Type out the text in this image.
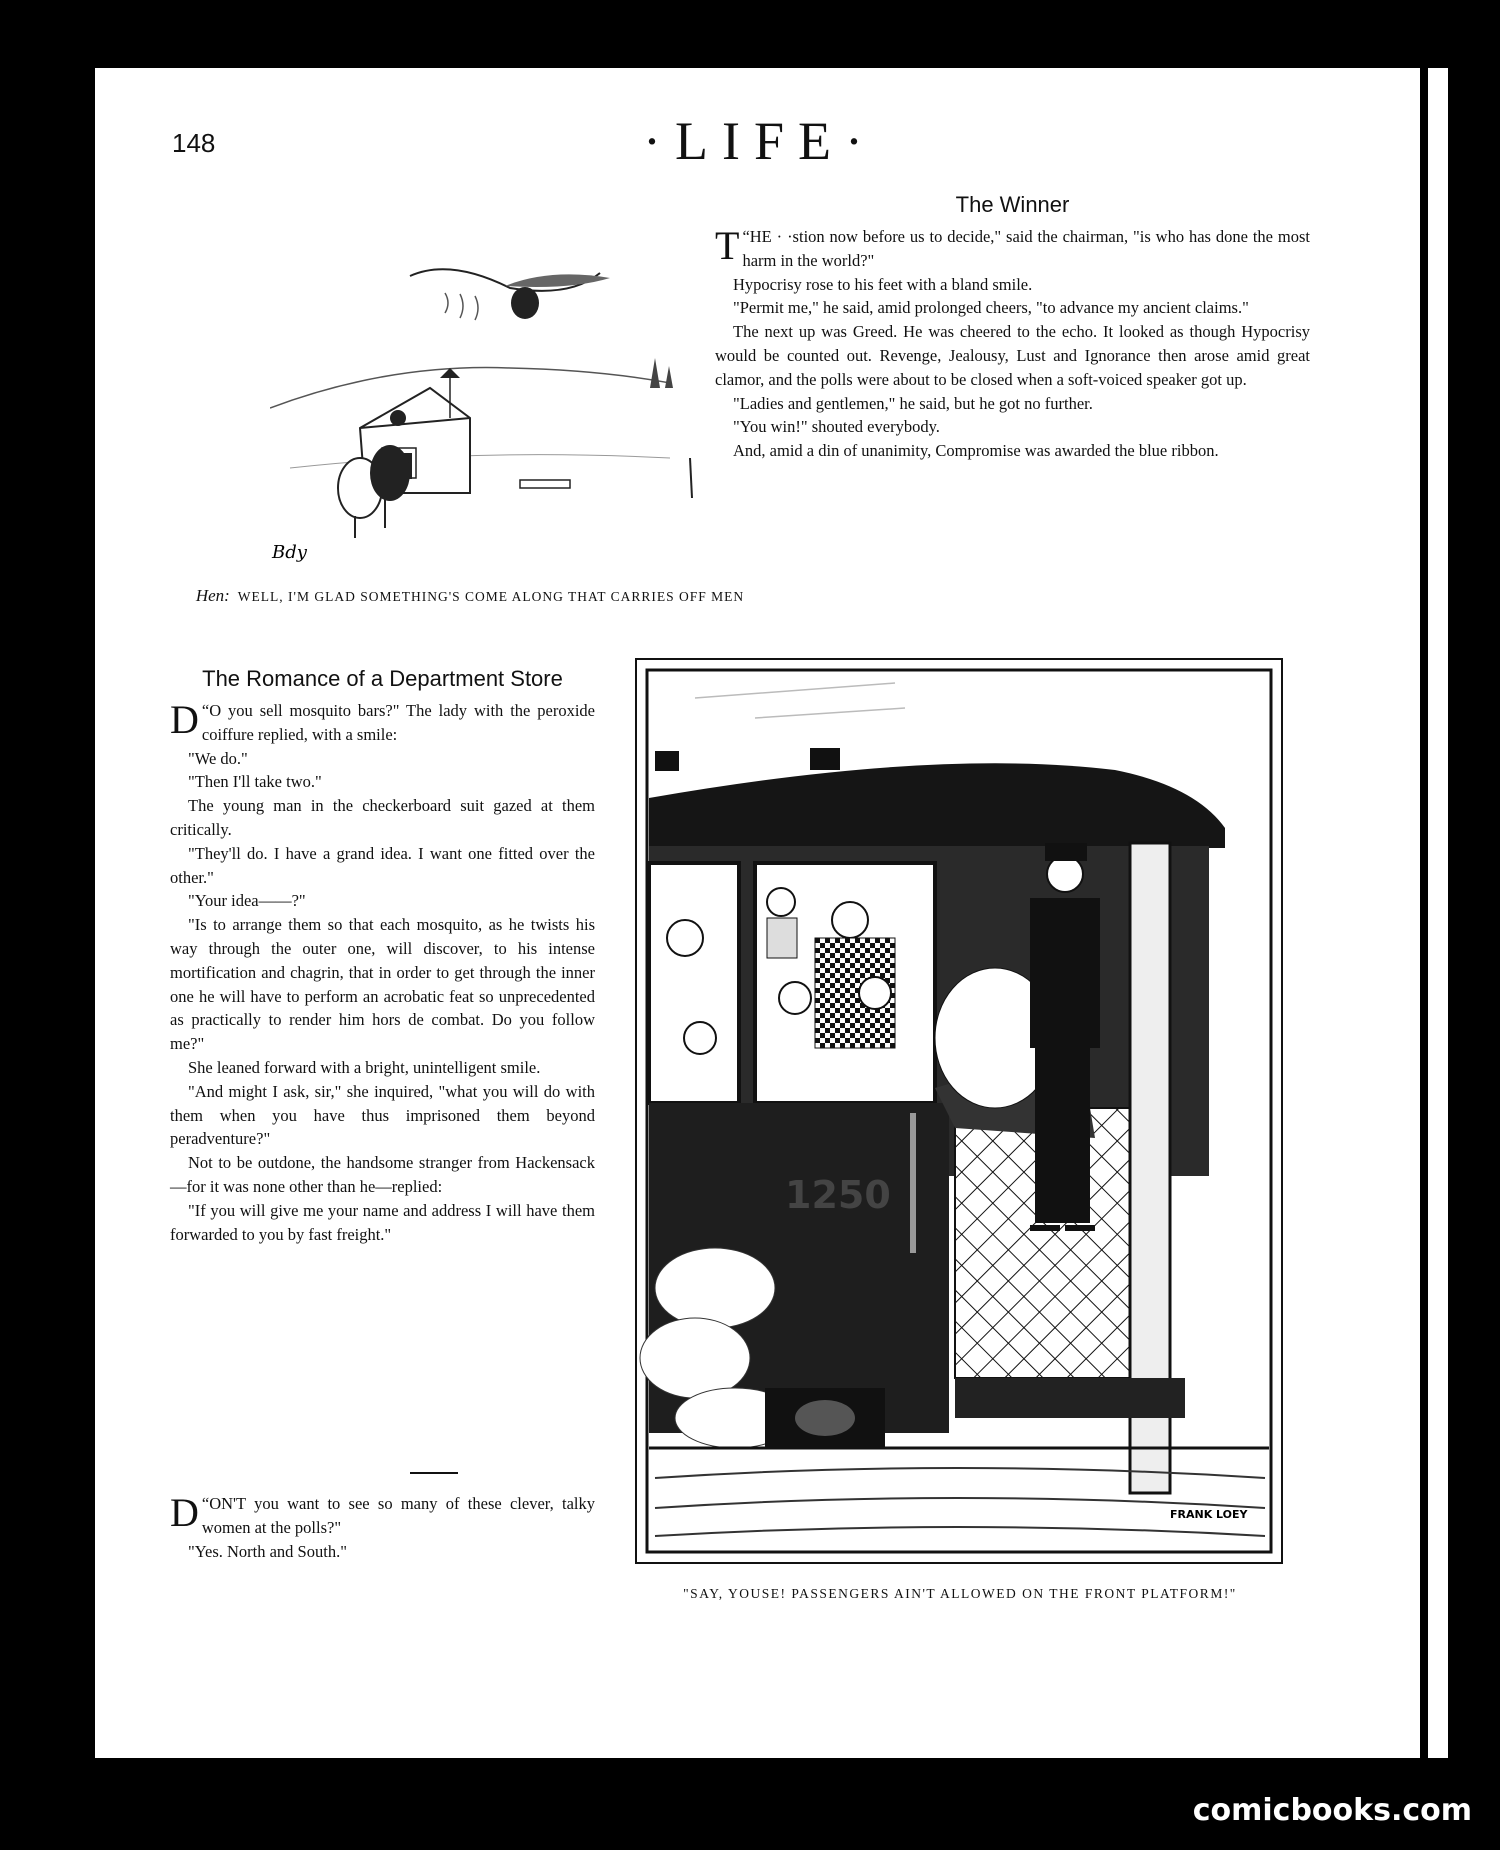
148	·LIFE·
Bdy
Hen: WELL, I'M GLAD SOMETHING'S COME ALONG THAT CARRIES OFF MEN
The Winner

T “HE · ·stion now before us to decide," said the chairman, "is who has done the most harm in the world?"

Hypocrisy rose to his feet with a bland smile.

"Permit me," he said, amid prolonged cheers, "to advance my ancient claims."

The next up was Greed. He was cheered to the echo. It looked as though Hypocrisy would be counted out. Revenge, Jealousy, Lust and Ignorance then arose amid great clamor, and the polls were about to be closed when a soft-voiced speaker got up.

"Ladies and gentlemen," he said, but he got no further.

"You win!" shouted everybody.

And, amid a din of unanimity, Compromise was awarded the blue ribbon.

The Romance of a Department Store

D “O you sell mosquito bars?" The lady with the peroxide coiffure replied, with a smile:

"We do."

"Then I'll take two."

The young man in the checkerboard suit gazed at them critically.

"They'll do. I have a grand idea. I want one fitted over the other."

"Your idea——?"

"Is to arrange them so that each mosquito, as he twists his way through the outer one, will discover, to his intense mortification and chagrin, that in order to get through the inner one he will have to perform an acrobatic feat so unprecedented as practically to render him hors de combat. Do you follow me?"

She leaned forward with a bright, unintelligent smile.

"And might I ask, sir," she inquired, "what you will do with them when you have thus imprisoned them beyond peradventure?"

Not to be outdone, the handsome stranger from Hackensack—for it was none other than he—replied:

"If you will give me your name and address I will have them forwarded to you by fast freight."

D “ON'T you want to see so many of these clever, talky women at the polls?"

"Yes. North and South."

1250
FRANK LOEY
"SAY, YOUSE! PASSENGERS AIN'T ALLOWED ON THE FRONT PLATFORM!"
comicbooks.com
